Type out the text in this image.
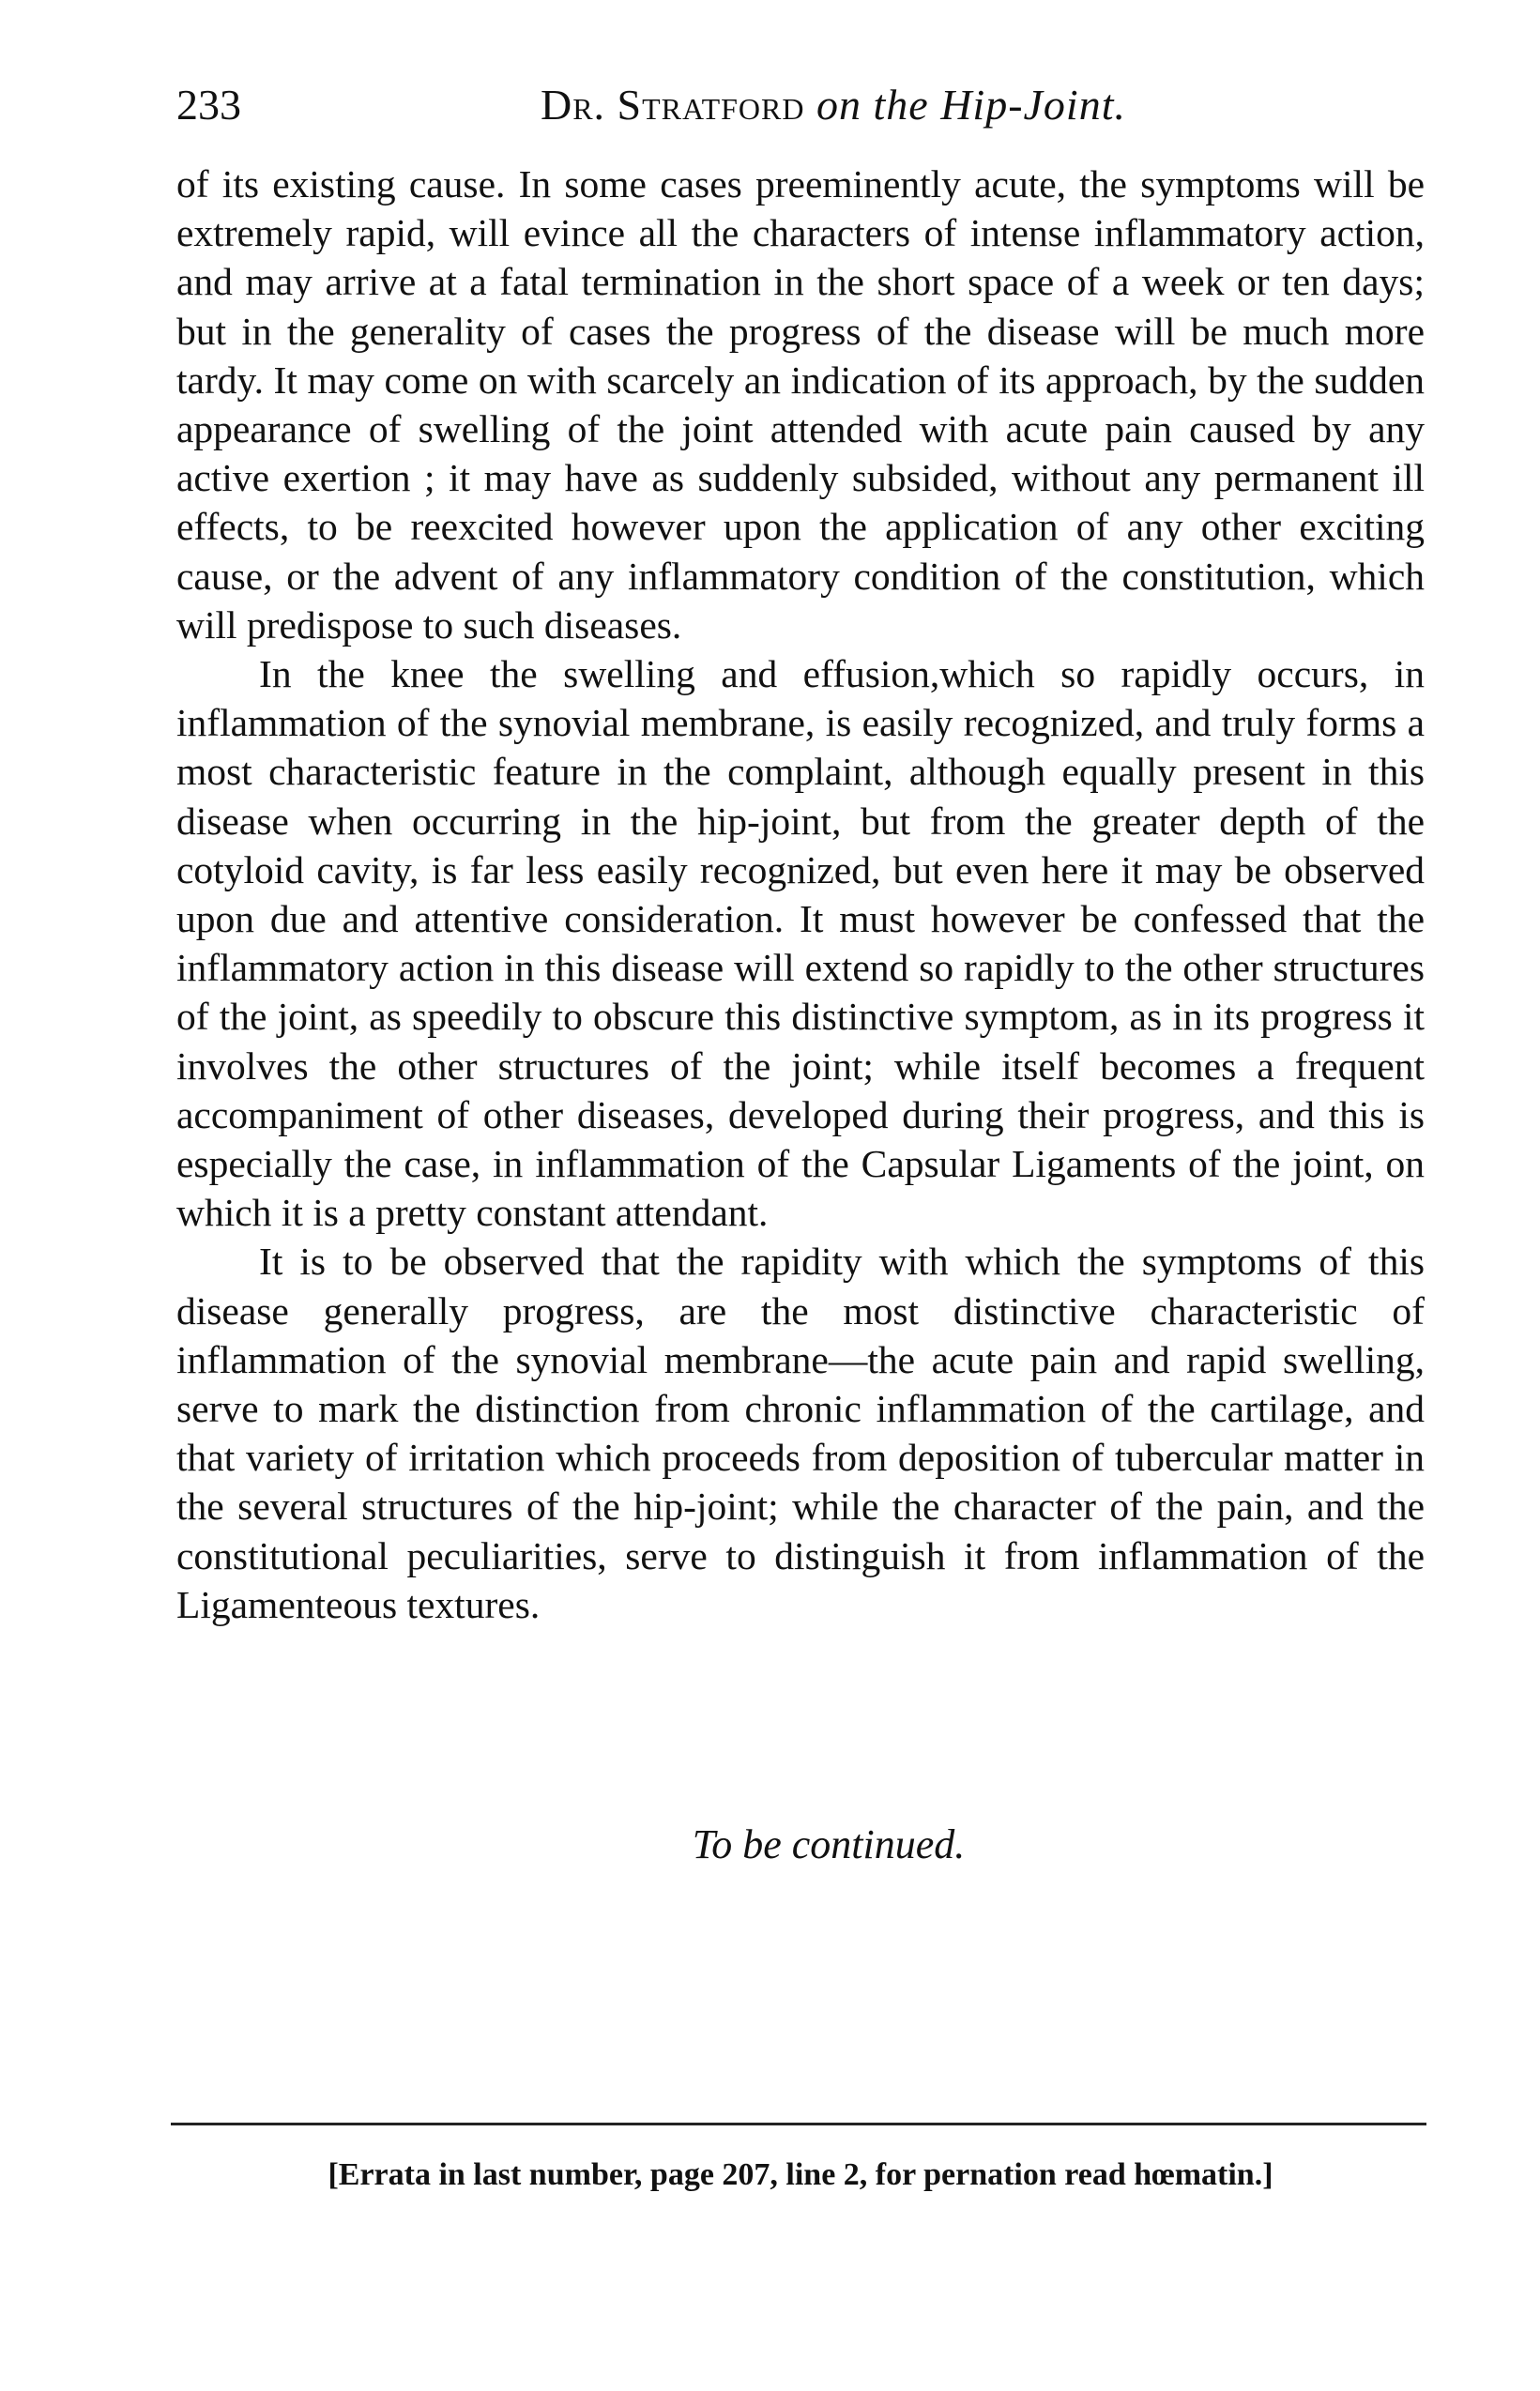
233	Dr. Stratford on the Hip-Joint.

of its existing cause. In some cases preeminently acute, the symptoms will be extremely rapid, will evince all the characters of intense inflammatory action, and may arrive at a fatal termination in the short space of a week or ten days; but in the generality of cases the progress of the disease will be much more tardy. It may come on with scarcely an indication of its approach, by the sudden appearance of swelling of the joint attended with acute pain caused by any active exertion ; it may have as suddenly subsided, without any permanent ill effects, to be reexcited however upon the application of any other exciting cause, or the advent of any inflammatory condition of the constitution, which will predispose to such diseases.

In the knee the swelling and effusion,which so rapidly occurs, in inflammation of the synovial membrane, is easily recognized, and truly forms a most characteristic feature in the complaint, although equally present in this disease when occurring in the hip-joint, but from the greater depth of the cotyloid cavity, is far less easily recognized, but even here it may be observed upon due and attentive consideration. It must however be confessed that the inflammatory action in this disease will extend so rapidly to the other structures of the joint, as speedily to obscure this distinctive symptom, as in its progress it involves the other structures of the joint; while itself becomes a frequent accompaniment of other diseases, developed during their progress, and this is especially the case, in inflammation of the Capsular Ligaments of the joint, on which it is a pretty constant attendant.

It is to be observed that the rapidity with which the symptoms of this disease generally progress, are the most distinctive characteristic of inflammation of the synovial membrane—the acute pain and rapid swelling, serve to mark the distinction from chronic inflammation of the cartilage, and that variety of irritation which proceeds from deposition of tubercular matter in the several structures of the hip-joint; while the character of the pain, and the constitutional peculiarities, serve to distinguish it from inflammation of the Ligamenteous textures.

To be continued.
[Errata in last number, page 207, line 2, for pernation read hœmatin.]
